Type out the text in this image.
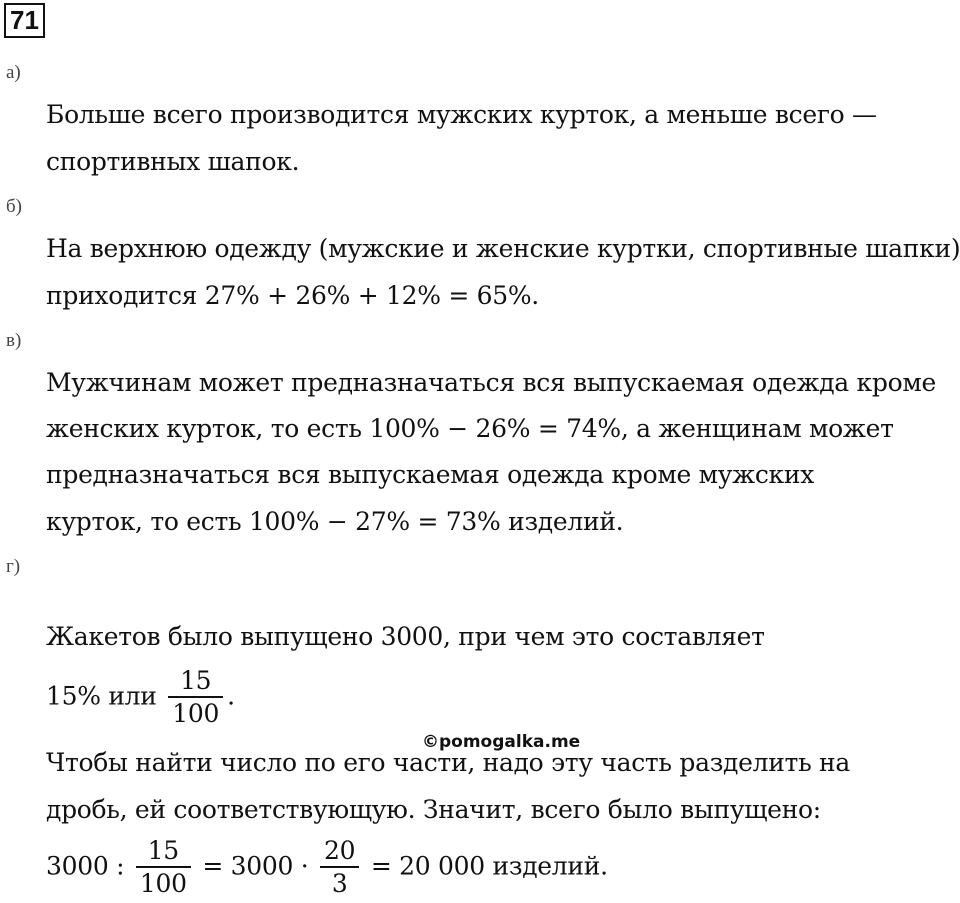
71
а)
Больше всего производится мужских курток, а меньше всего —
спортивных шапок.
б)
На верхнюю одежду (мужские и женские куртки, спортивные шапки)
приходится 27% + 26% + 12% = 65%.
в)
Мужчинам может предназначаться вся выпускаемая одежда кроме
женских курток, то есть 100% − 26% = 74%, а женщинам может
предназначаться вся выпускаемая одежда кроме мужских
курток, то есть 100% − 27% = 73% изделий.
г)
Жакетов было выпущено 3000, при чем это составляет
15% или $\frac{15}{100}$ .
©pomogalka.me
Чтобы найти число по его части, надо эту часть разделить на
дробь, ей соответствующую. Значит, всего было выпущено:
3000 : $\frac{15}{100} = 3000 \cdot \frac{20}{3} = 20$ 000 изделий.
